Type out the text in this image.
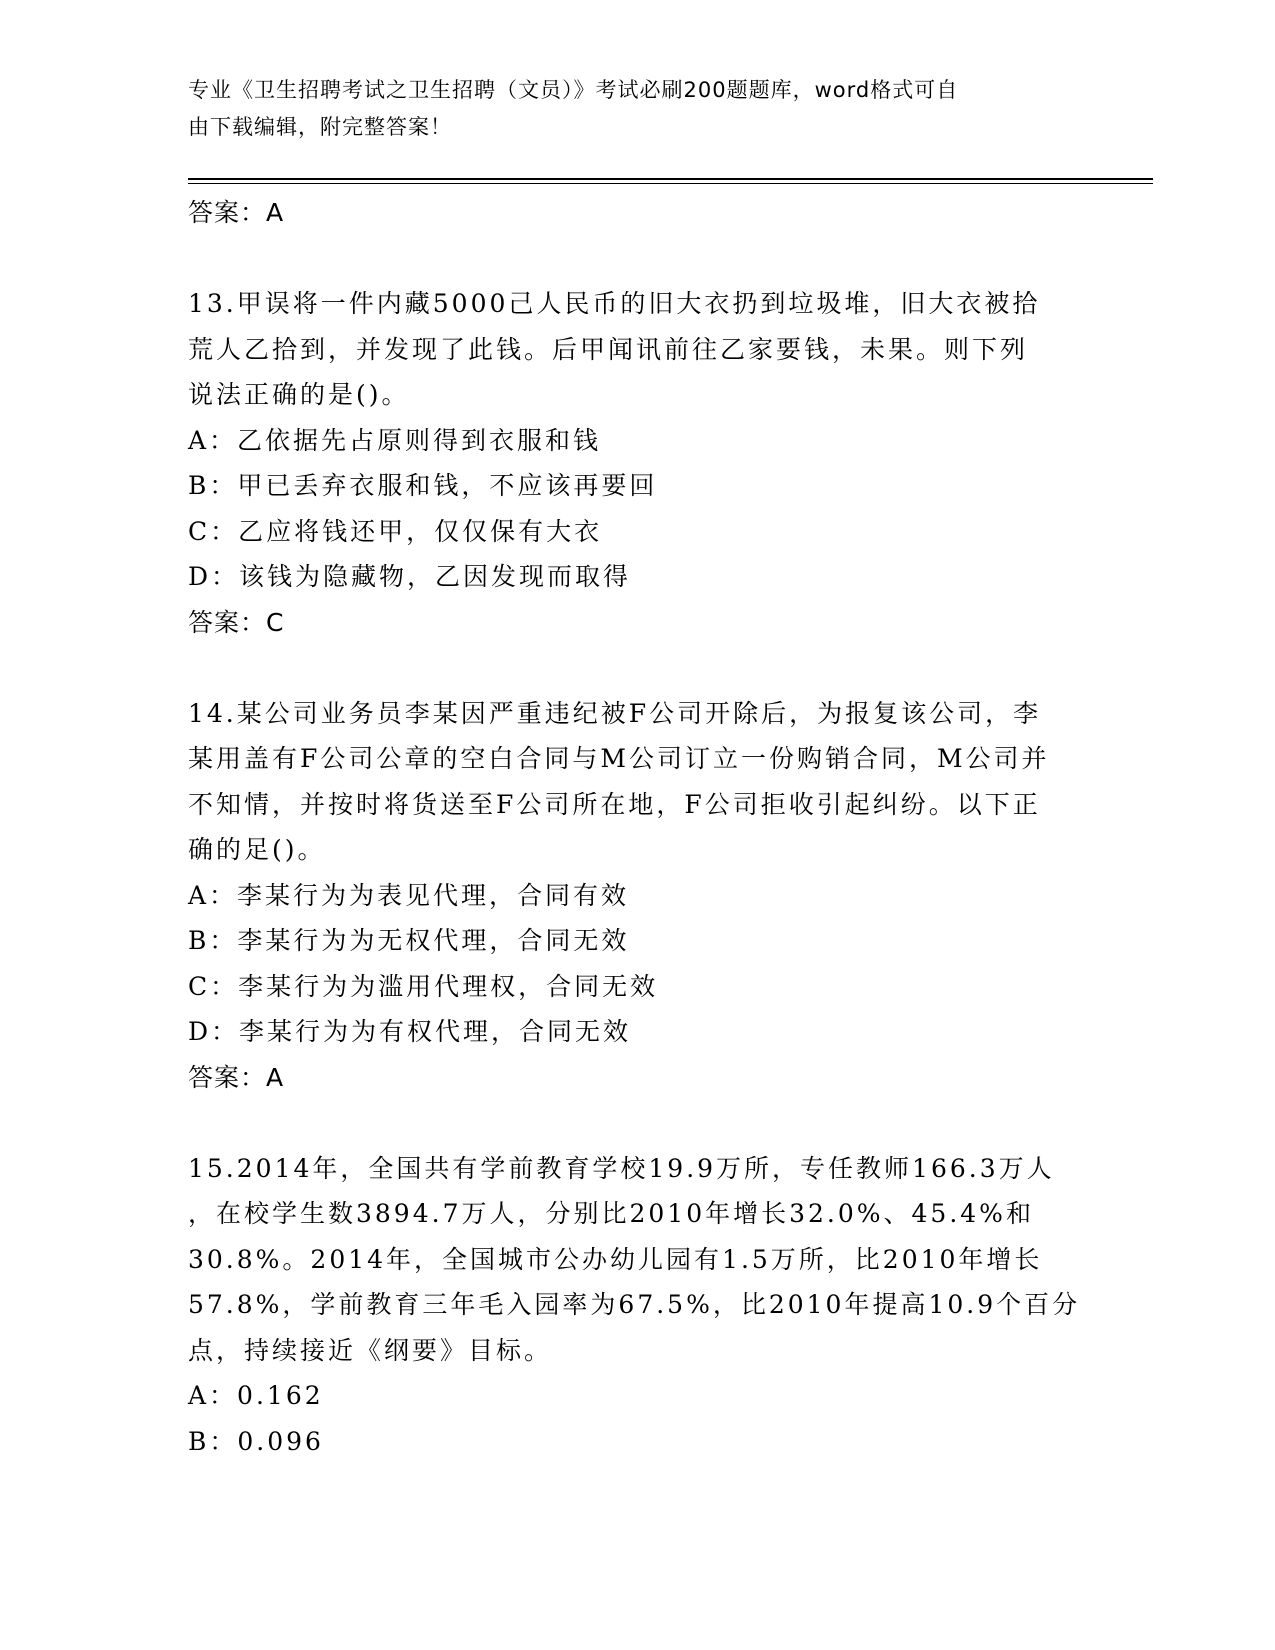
专业《卫生招聘考试之卫生招聘（文员）》考试必刷200题题库，word格式可自
由下载编辑，附完整答案！
答案：A
13.甲误将一件内藏5000己人民币的旧大衣扔到垃圾堆，旧大衣被拾
荒人乙拾到，并发现了此钱。后甲闻讯前往乙家要钱，未果。则下列
说法正确的是()。
A：乙依据先占原则得到衣服和钱
B：甲已丢弃衣服和钱，不应该再要回
C：乙应将钱还甲，仅仅保有大衣
D：该钱为隐藏物，乙因发现而取得
答案：C
14.某公司业务员李某因严重违纪被F公司开除后，为报复该公司，李
某用盖有F公司公章的空白合同与M公司订立一份购销合同，M公司并
不知情，并按时将货送至F公司所在地，F公司拒收引起纠纷。以下正
确的足()。
A：李某行为为表见代理，合同有效
B：李某行为为无权代理，合同无效
C：李某行为为滥用代理权，合同无效
D：李某行为为有权代理，合同无效
答案：A
15.2014年，全国共有学前教育学校19.9万所，专任教师166.3万人
，在校学生数3894.7万人，分别比2010年增长32.0%、45.4%和
30.8%。2014年，全国城市公办幼儿园有1.5万所，比2010年增长
57.8%，学前教育三年毛入园率为67.5%，比2010年提高10.9个百分
点，持续接近《纲要》目标。
A：0.162
B：0.096
